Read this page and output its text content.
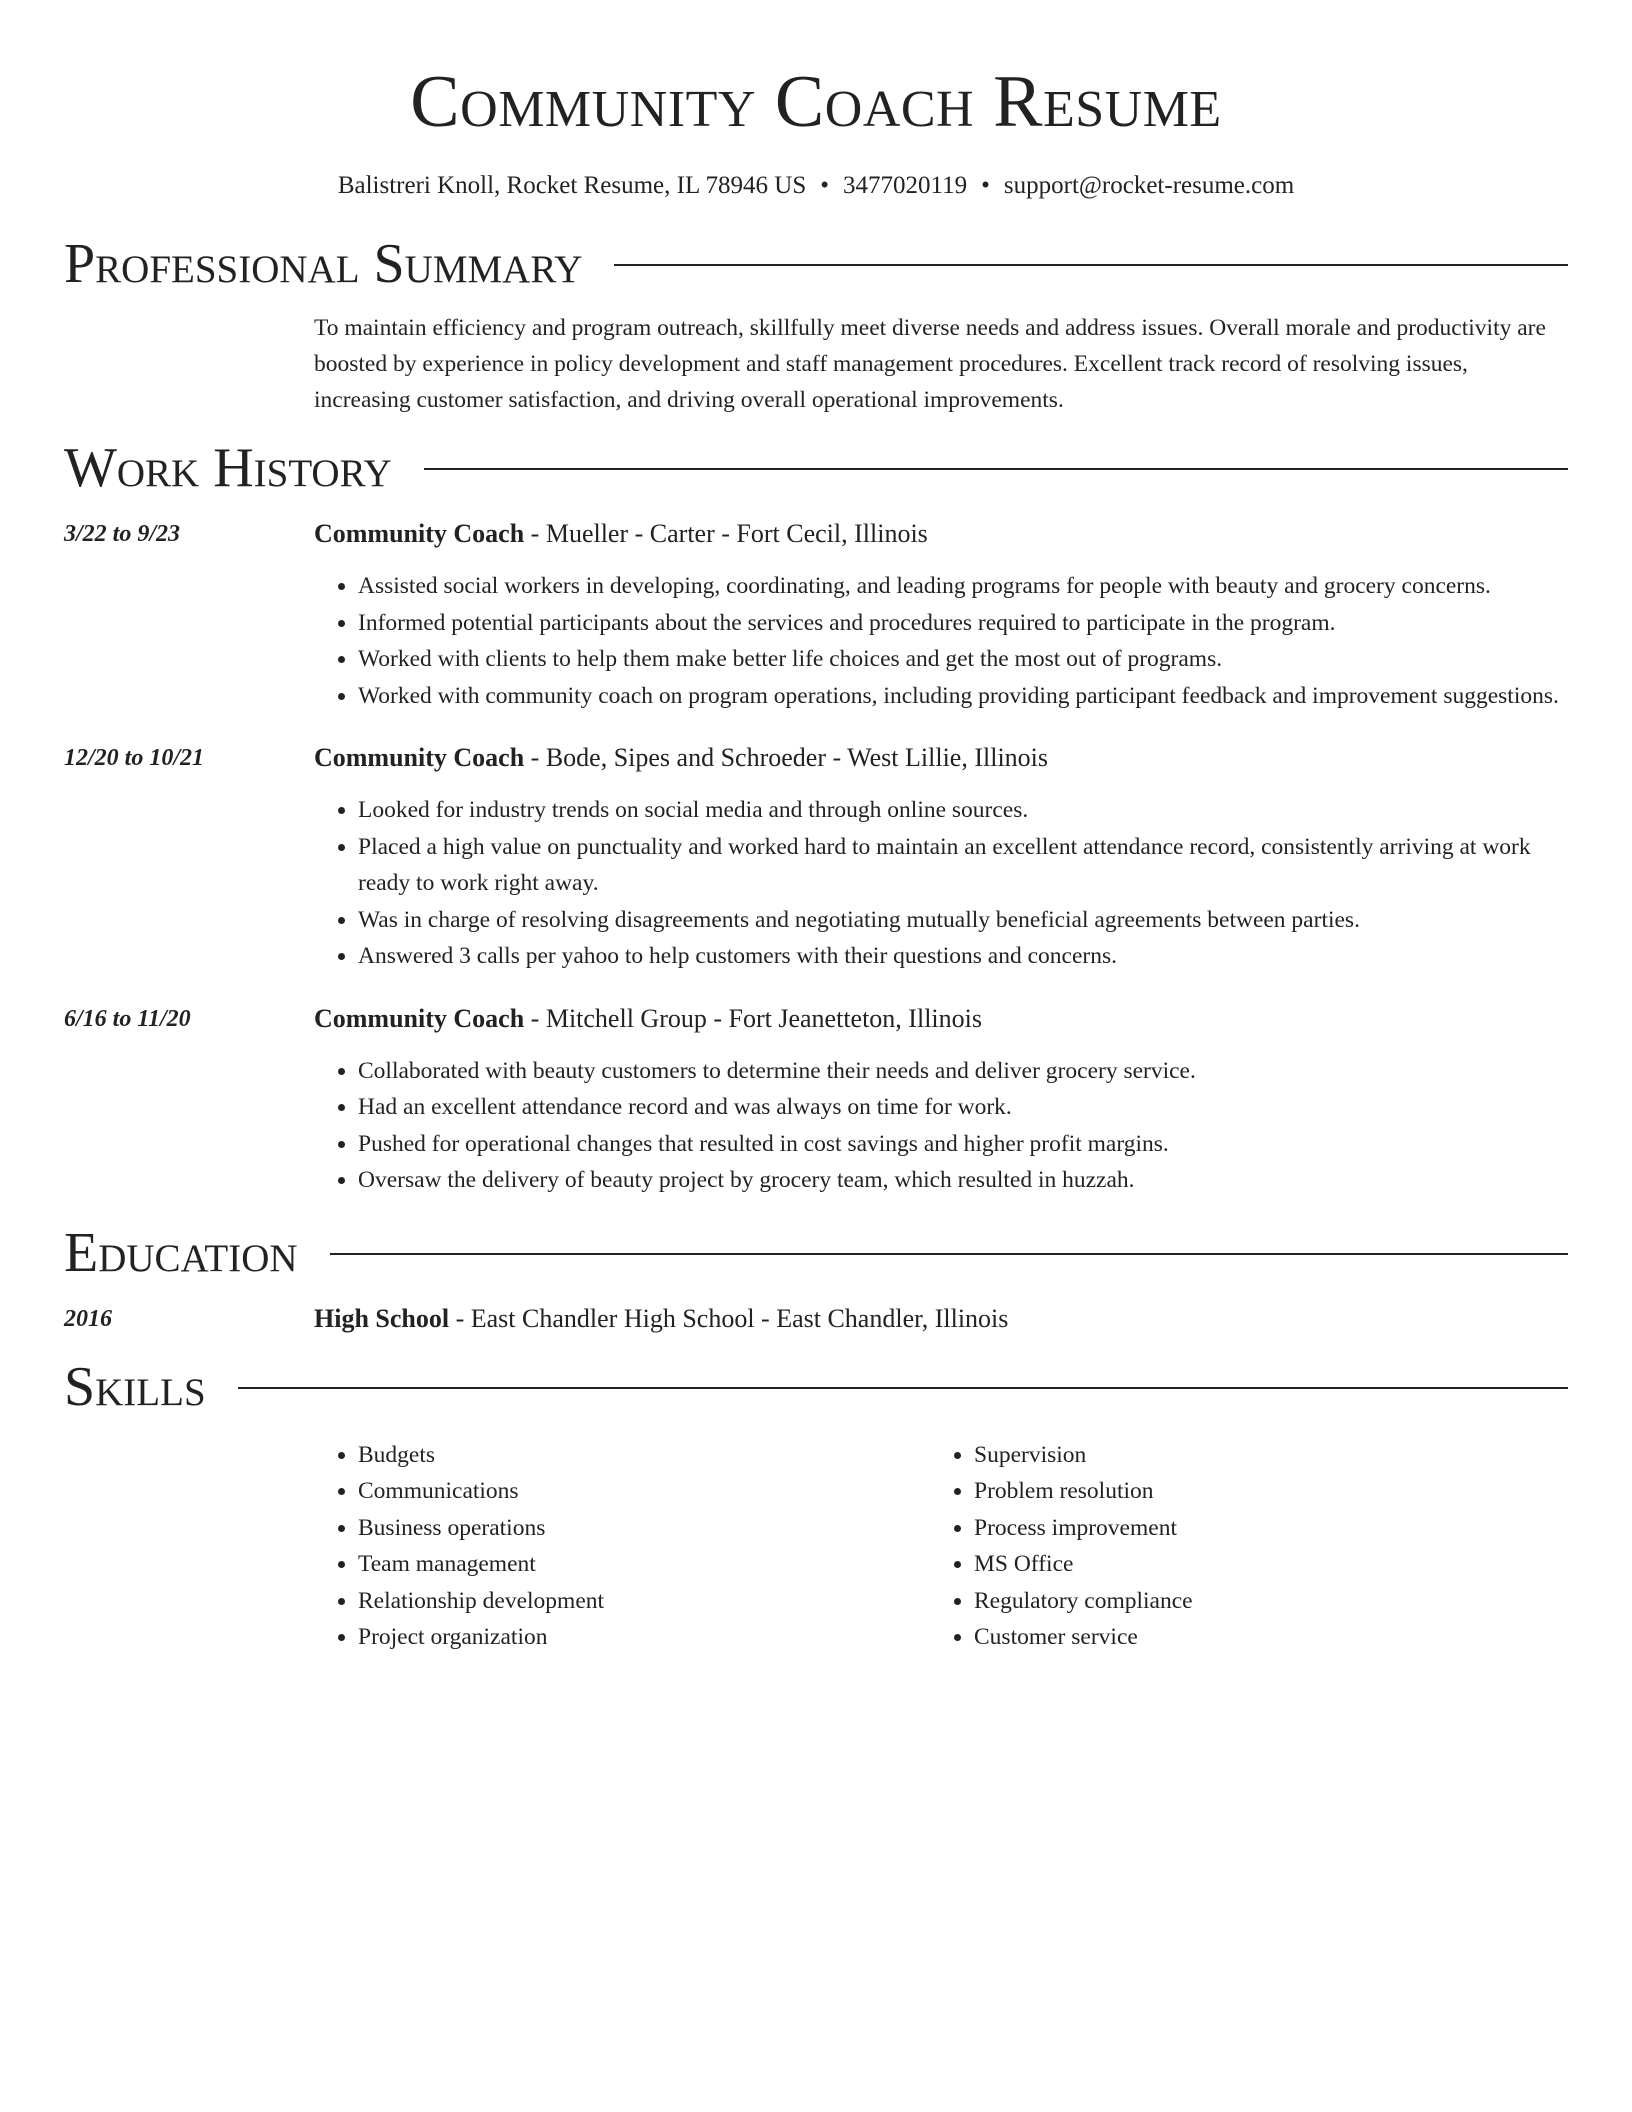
Community Coach Resume
Balistreri Knoll, Rocket Resume, IL 78946 US • 3477020119 • support@rocket-resume.com
Professional Summary

To maintain efficiency and program outreach, skillfully meet diverse needs and address issues. Overall morale and productivity are boosted by experience in policy development and staff management procedures. Excellent track record of resolving issues, increasing customer satisfaction, and driving overall operational improvements.

Work History
3/22 to 9/23	Community Coach - Mueller - Carter - Fort Cecil, Illinois
• Assisted social workers in developing, coordinating, and leading programs for people with beauty and grocery concerns.
• Informed potential participants about the services and procedures required to participate in the program.
• Worked with clients to help them make better life choices and get the most out of programs.
• Worked with community coach on program operations, including providing participant feedback and improvement suggestions.
12/20 to 10/21	Community Coach - Bode, Sipes and Schroeder - West Lillie, Illinois
• Looked for industry trends on social media and through online sources.
• Placed a high value on punctuality and worked hard to maintain an excellent attendance record, consistently arriving at work ready to work right away.
• Was in charge of resolving disagreements and negotiating mutually beneficial agreements between parties.
• Answered 3 calls per yahoo to help customers with their questions and concerns.
6/16 to 11/20	Community Coach - Mitchell Group - Fort Jeanetteton, Illinois
• Collaborated with beauty customers to determine their needs and deliver grocery service.
• Had an excellent attendance record and was always on time for work.
• Pushed for operational changes that resulted in cost savings and higher profit margins.
• Oversaw the delivery of beauty project by grocery team, which resulted in huzzah.
Education
2016	High School - East Chandler High School - East Chandler, Illinois
Skills
• Budgets
• Communications
• Business operations
• Team management
• Relationship development
• Project organization
• Supervision
• Problem resolution
• Process improvement
• MS Office
• Regulatory compliance
• Customer service
